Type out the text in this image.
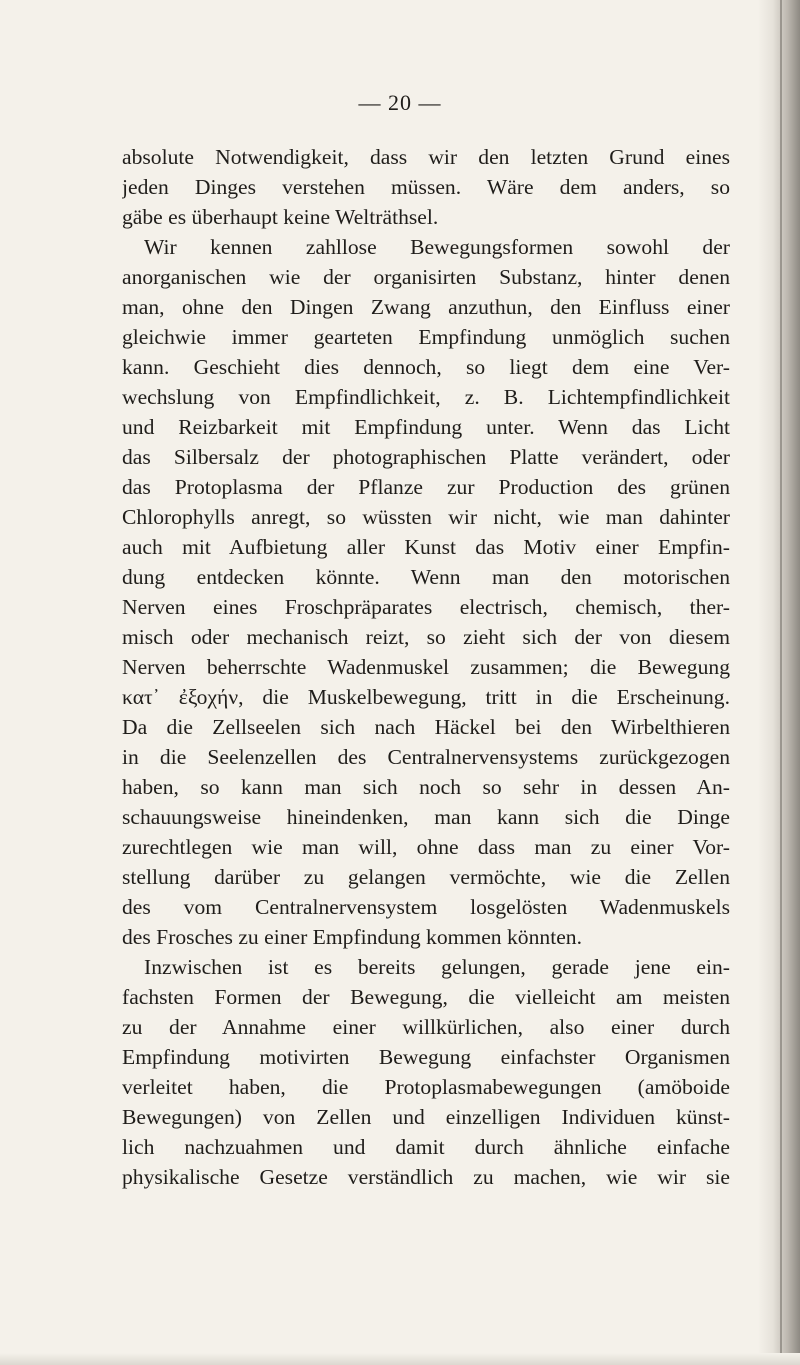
— 20 —
absolute Notwendigkeit, dass wir den letzten Grund eines
jeden Dinges verstehen müssen. Wäre dem anders, so
gäbe es überhaupt keine Welträthsel.
Wir kennen zahllose Bewegungsformen sowohl der
anorganischen wie der organisirten Substanz, hinter denen
man, ohne den Dingen Zwang anzuthun, den Einfluss einer
gleichwie immer gearteten Empfindung unmöglich suchen
kann. Geschieht dies dennoch, so liegt dem eine Ver-
wechslung von Empfindlichkeit, z. B. Lichtempfindlichkeit
und Reizbarkeit mit Empfindung unter. Wenn das Licht
das Silbersalz der photographischen Platte verändert, oder
das Protoplasma der Pflanze zur Production des grünen
Chlorophylls anregt, so wüssten wir nicht, wie man dahinter
auch mit Aufbietung aller Kunst das Motiv einer Empfin-
dung entdecken könnte. Wenn man den motorischen
Nerven eines Froschpräparates electrisch, chemisch, ther-
misch oder mechanisch reizt, so zieht sich der von diesem
Nerven beherrschte Wadenmuskel zusammen; die Bewegung
κατ᾽ ἐξοχήν, die Muskelbewegung, tritt in die Erscheinung.
Da die Zellseelen sich nach Häckel bei den Wirbelthieren
in die Seelenzellen des Centralnervensystems zurückgezogen
haben, so kann man sich noch so sehr in dessen An-
schauungsweise hineindenken, man kann sich die Dinge
zurechtlegen wie man will, ohne dass man zu einer Vor-
stellung darüber zu gelangen vermöchte, wie die Zellen
des vom Centralnervensystem losgelösten Wadenmuskels
des Frosches zu einer Empfindung kommen könnten.
Inzwischen ist es bereits gelungen, gerade jene ein-
fachsten Formen der Bewegung, die vielleicht am meisten
zu der Annahme einer willkürlichen, also einer durch
Empfindung motivirten Bewegung einfachster Organismen
verleitet haben, die Protoplasmabewegungen (amöboide
Bewegungen) von Zellen und einzelligen Individuen künst-
lich nachzuahmen und damit durch ähnliche einfache
physikalische Gesetze verständlich zu machen, wie wir sie
